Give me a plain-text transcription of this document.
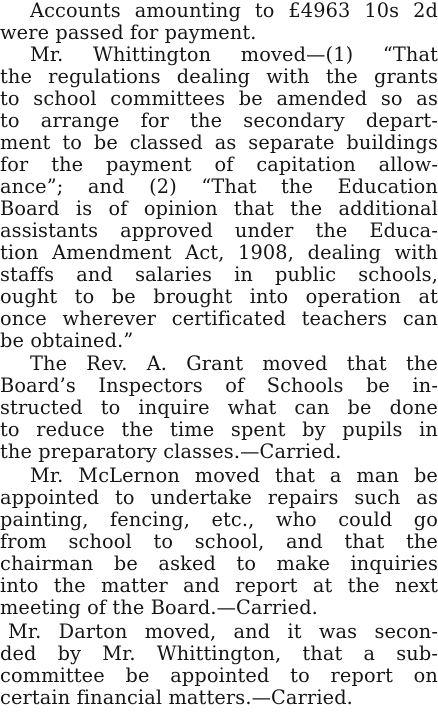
Accounts amounting to £4963 10s 2d
were passed for payment.
Mr. Whittington moved—(1) “That
the regulations dealing with the grants
to school committees be amended so as
to arrange for the secondary depart-
ment to be classed as separate buildings
for the payment of capitation allow-
ance”; and (2) “That the Education
Board is of opinion that the additional
assistants approved under the Educa-
tion Amendment Act, 1908, dealing with
staffs and salaries in public schools,
ought to be brought into operation at
once wherever certificated teachers can
be obtained.”
The Rev. A. Grant moved that the
Board’s Inspectors of Schools be in-
structed to inquire what can be done
to reduce the time spent by pupils in
the preparatory classes.—Carried.
Mr. McLernon moved that a man be
appointed to undertake repairs such as
painting, fencing, etc., who could go
from school to school, and that the
chairman be asked to make inquiries
into the matter and report at the next
meeting of the Board.—Carried.
Mr. Darton moved, and it was secon-
ded by Mr. Whittington, that a sub-
committee be appointed to report on
certain financial matters.—Carried.
